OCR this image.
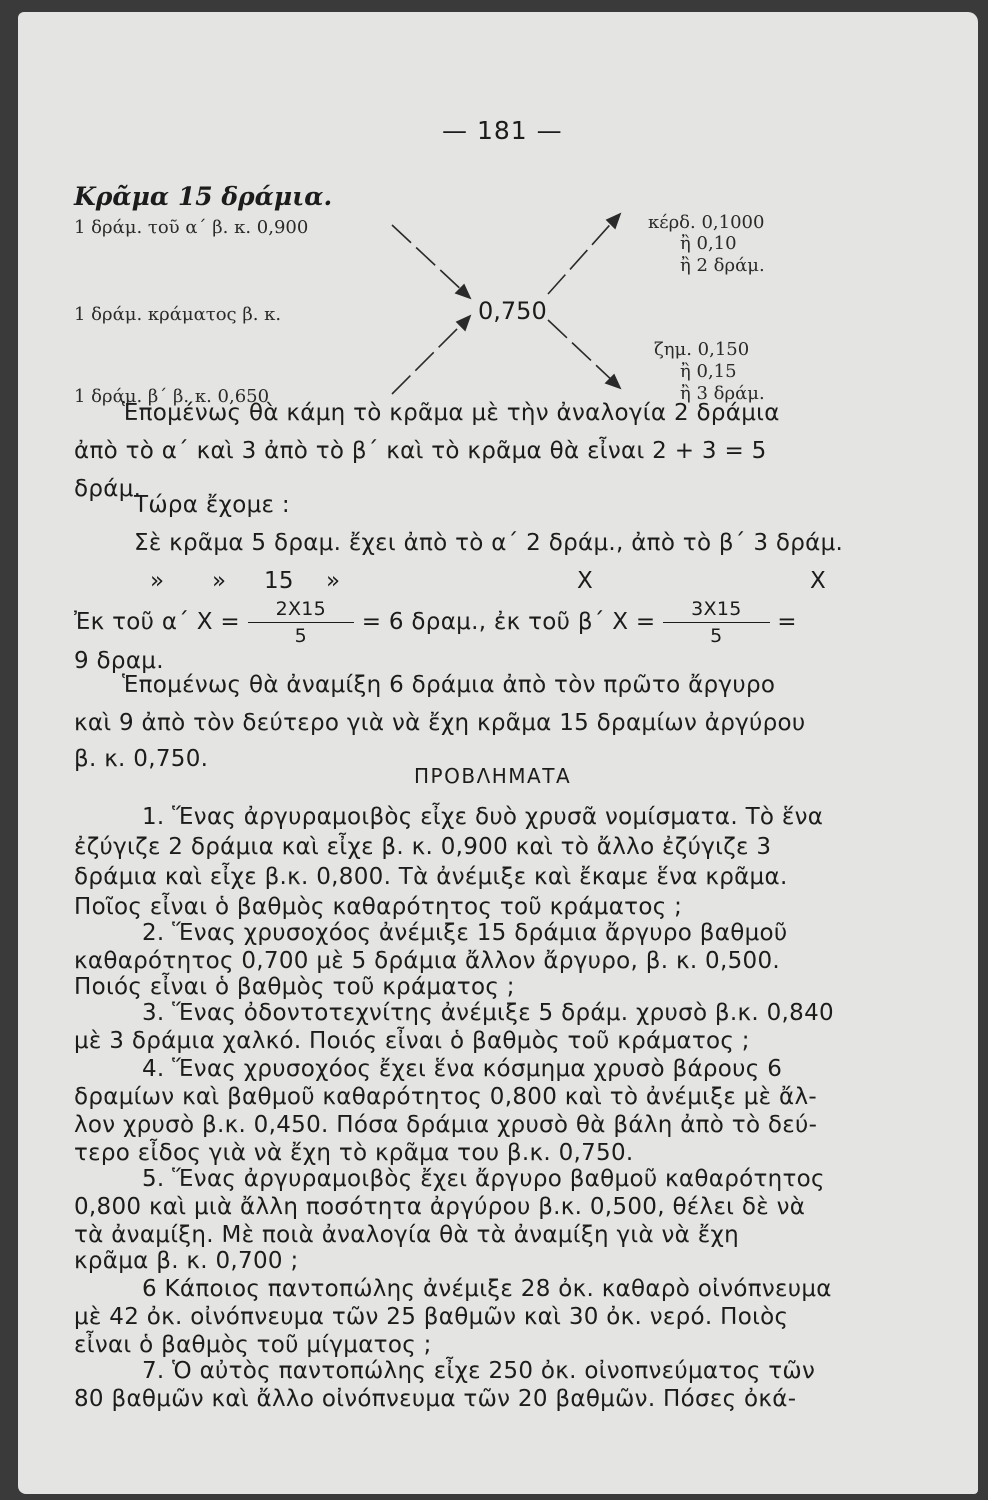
— 181 —
Κρᾶμα 15 δράμια.
1 δράμ. τοῦ α΄ β. κ. 0,900
1 δράμ. κράματος β. κ.
1 δράμ. β΄ β. κ. 0,650
0,750
κέρδ. 0,1000
ἢ 0,10
ἢ 2 δράμ.
ζημ. 0,150
ἢ 0,15
ἢ 3 δράμ.
Ἑπομένως θὰ κάμη τὸ κρᾶμα μὲ τὴν ἀναλογία 2 δράμια
ἀπὸ τὸ α΄ καὶ 3 ἀπὸ τὸ β΄ καὶ τὸ κρᾶμα θὰ εἶναι 2 + 3 = 5
δράμ.
Τώρα ἔχομε :
Σὲ κρᾶμα 5 δραμ. ἔχει ἀπὸ τὸ α΄ 2 δράμ., ἀπὸ τὸ β΄ 3 δράμ.
» » 15 »	X	X
Ἐκ τοῦ α΄ $X = \frac{2X15}{5} = 6$ δραμ., ἐκ τοῦ β΄ $X = \frac{3X15}{5}$ =
9 δραμ.
Ἑπομένως θὰ ἀναμίξη 6 δράμια ἀπὸ τὸν πρῶτο ἄργυρο
καὶ 9 ἀπὸ τὸν δεύτερο γιὰ νὰ ἔχη κρᾶμα 15 δραμίων ἀργύρου
β. κ. 0,750.
ΠΡΟΒΛΗΜΑΤΑ
1. Ἕνας ἀργυραμοιβὸς εἶχε δυὸ χρυσᾶ νομίσματα. Τὸ ἕνα
ἐζύγιζε 2 δράμια καὶ εἶχε β. κ. 0,900 καὶ τὸ ἄλλο ἐζύγιζε 3
δράμια καὶ εἶχε β.κ. 0,800. Τὰ ἀνέμιξε καὶ ἔκαμε ἕνα κρᾶμα.
Ποῖος εἶναι ὁ βαθμὸς καθαρότητος τοῦ κράματος ;
2. Ἕνας χρυσοχόος ἀνέμιξε 15 δράμια ἄργυρο βαθμοῦ
καθαρότητος 0,700 μὲ 5 δράμια ἄλλον ἄργυρο, β. κ. 0,500.
Ποιός εἶναι ὁ βαθμὸς τοῦ κράματος ;
3. Ἕνας ὀδοντοτεχνίτης ἀνέμιξε 5 δράμ. χρυσὸ β.κ. 0,840
μὲ 3 δράμια χαλκό. Ποιός εἶναι ὁ βαθμὸς τοῦ κράματος ;
4. Ἕνας χρυσοχόος ἔχει ἕνα κόσμημα χρυσὸ βάρους 6
δραμίων καὶ βαθμοῦ καθαρότητος 0,800 καὶ τὸ ἀνέμιξε μὲ ἄλ-
λον χρυσὸ β.κ. 0,450. Πόσα δράμια χρυσὸ θὰ βάλη ἀπὸ τὸ δεύ-
τερο εἶδος γιὰ νὰ ἔχη τὸ κρᾶμα του β.κ. 0,750.
5. Ἕνας ἀργυραμοιβὸς ἔχει ἄργυρο βαθμοῦ καθαρότητος
0,800 καὶ μιὰ ἄλλη ποσότητα ἀργύρου β.κ. 0,500, θέλει δὲ νὰ
τὰ ἀναμίξη. Μὲ ποιὰ ἀναλογία θὰ τὰ ἀναμίξη γιὰ νὰ ἔχη
κρᾶμα β. κ. 0,700 ;
6 Κάποιος παντοπώλης ἀνέμιξε 28 ὀκ. καθαρὸ οἰνόπνευμα
μὲ 42 ὀκ. οἰνόπνευμα τῶν 25 βαθμῶν καὶ 30 ὀκ. νερό. Ποιὸς
εἶναι ὁ βαθμὸς τοῦ μίγματος ;
7. Ὁ αὐτὸς παντοπώλης εἶχε 250 ὀκ. οἰνοπνεύματος τῶν
80 βαθμῶν καὶ ἄλλο οἰνόπνευμα τῶν 20 βαθμῶν. Πόσες ὀκά-
